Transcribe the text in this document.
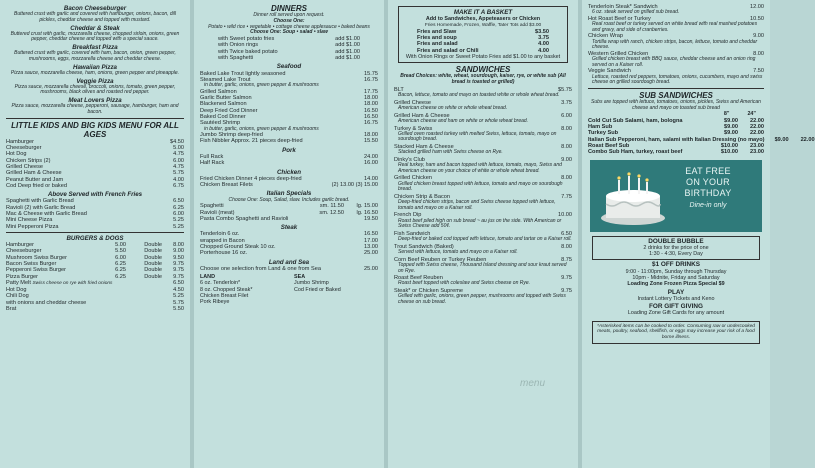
Bacon Cheeseburger
Buttered crust with garlic and covered with hamburger, onions, bacon, dill pickles, cheddar cheese and topped with mustard.
Cheddar & Steak
Buttered crust with garlic, mozzarella cheese, chopped sirloin, onions, green pepper, cheddar cheese and topped with a special sauce.
Breakfast Pizza
Buttered crust with garlic, covered with ham, bacon, onion, green pepper, mushrooms, eggs, mozzarella cheese and cheddar cheese.
Hawaiian Pizza
Pizza sauce, mozzarella cheese, ham, onions, green pepper and pineapple.
Veggie Pizza
Pizza sauce, mozzarella cheese, broccoli, onions, tomato, green pepper, mushrooms, black olives and roasted red pepper.
Meat Lovers Pizza
Pizza sauce, mozzarella cheese, pepperoni, sausage, hamburger, ham and bacon.
LITTLE KIDS AND BIG KIDS MENU FOR ALL AGES
Hamburger	$4.50
Cheeseburger	5.00
Hot Dog	4.75
Chicken Strips (2)	6.00
Grilled Cheese	4.75
Grilled Ham & Cheese	5.75
Peanut Butter and Jam	4.00
Cod Deep fried or baked	6.75
Above Served with French Fries
Spaghetti with Garlic Bread	6.50
Ravioli (2) with Garlic Bread	6.25
Mac & Cheese with Garlic Bread	6.00
Mini Cheese Pizza	5.25
Mini Pepperoni Pizza	5.25
BURGERS & DOGS
Hamburger	5.00	Double	8.00
Cheeseburger	5.50	Double	9.00
Mushroom Swiss Burger	6.00	Double	9.50
Bacon Swiss Burger	6.25	Double	9.75
Pepperoni Swiss Burger	6.25	Double	9.75
Pizza Burger	6.25	Double	9.75
Patty Melt Swiss cheese on rye with fried onions	6.50
Hot Dog	4.50
Chili Dog	5.25
with onions and cheddar cheese	5.75
Brat	5.50
DINNERS
Dinner roll served upon request.
Choose One:
Potato • wild rice • vegetable • cottage cheese applesauce • baked beans
Choose One: Soup • salad • slaw
with Sweet potato fries	add $1.00
with Onion rings	add $1.00
with Twice baked potato	add $1.00
with Spaghetti	add $1.00
Seafood
Baked Lake Trout lightly seasoned	15.75
Steamed Lake Trout	16.75
in butter, garlic, onions, green pepper & mushrooms
Grilled Salmon	17.75
Garlic Butter Salmon	18.00
Blackened Salmon	18.00
Deep Fried Cod Dinner	16.50
Baked Cod Dinner	16.50
Sautéed Shrimp	16.75
in butter, garlic, onions, green pepper & mushrooms
Jumbo Shrimp deep-fried	18.00
Fish Nibbler Approx. 21 pieces deep-fried	15.50
Pork
Full Rack	24.00
Half Rack	16.00
Chicken
Fried Chicken Dinner 4 pieces deep-fried	14.00
Chicken Breast Filets	(2) 13.00 (3) 15.00
Italian Specials
Choose One: Soup, Salad, slaw. Includes garlic bread.
Spaghetti	sm. 11.50	lg. 15.00
Ravioli (meat)	sm. 12.50	lg. 16.50
Pasta Combo Spaghetti and Ravioli	19.50
Steak
Tenderloin 6 oz.	16.50
wrapped in Bacon	17.00
Chopped Ground Steak 10 oz.	13.00
Porterhouse 16 oz.	25.00
Land and Sea
Choose one selection from Land & one from Sea	25.00
LAND
6 oz. Tenderloin*
8 oz. Chopped Steak*
Chicken Breast Filet
Pork Ribeye
SEA
Jumbo Shrimp
Cod Fried or Baked
MAKE IT A BASKET
Add to Sandwiches, Appeteasers or Chicken
Fries Homemade, Frozen, Waffle, Tater Tots add $3.00
Fries and Slaw	$3.50
Fries and soup	3.75
Fries and salad	4.00
Fries and salad or Chili	4.00
With Onion Rings or Sweet Potato Fries add $1.00 to any basket
SANDWICHES
Bread Choices: white, wheat, sourdough, kaiser, rye, or white sub (All bread is toasted or grilled)
BLT	$5.75
Bacon, lettuce, tomato and mayo on toasted white or whole wheat bread.
Grilled Cheese	3.75
American cheese on white or whole wheat bread.
Grilled Ham & Cheese	6.00
American cheese and ham on white or whole wheat bread.
Turkey & Swiss	8.00
Grilled oven roasted turkey with melted Swiss, lettuce, tomato, mayo on sourdough bread.
Stacked Ham & Cheese	8.00
Stacked grilled ham with Swiss cheese on Rye.
Dinky's Club	9.00
Real turkey, ham and bacon topped with lettuce, tomato, mayo, Swiss and American cheese on your choice of white or whole wheat bread.
Grilled Chicken	8.00
Grilled chicken breast topped with lettuce, tomato and mayo on sourdough bread.
Chicken Strip & Bacon	7.75
Deep-fried chicken strips, bacon and Swiss cheese topped with lettuce, tomato and mayo on a Kaiser roll.
French Dip	10.00
Roast beef piled high on sub bread ~ au jus on the side. With American or Swiss Cheese add 50¢.
Fish Sandwich	6.50
Deep-fried or baked cod topped with lettuce, tomato and tartar on a Kaiser roll.
Trout Sandwich (Baked)	8.00
Served with lettuce, tomato and mayo on a Kaiser roll.
Corn Beef Reuben or Turkey Reuben	8.75
Topped with Swiss cheese, Thousand Island dressing and sour kraut served on Rye.
Roast Beef Reuben	9.75
Roast beef topped with coleslaw and Swiss cheese on Rye.
Steak* or Chicken Supreme	9.75
Grilled with garlic, onions, green pepper, mushrooms and topped with Swiss cheese on sub bread.
Tenderloin Steak* Sandwich	12.00
6 oz. steak served on grilled sub bread.
Hot Roast Beef or Turkey	10.50
Real roast beef or turkey served on white bread with real mashed potatoes and gravy, and side of cranberries.
Chicken Wrap	9.00
Tortilla wrap with ranch, chicken strips, bacon, lettuce, tomato and cheddar cheese.
Western Grilled Chicken	8.00
Grilled chicken breast with BBQ sauce, cheddar cheese and an onion ring served on a Kaiser roll.
Veggie Sandwich	7.50
Lettuce, roasted red peppers, tomatoes, onions, cucumbers, mayo and swiss cheese on grilled sourdough bread.
SUB SANDWICHES
Subs are topped with lettuce, tomatoes, onions, pickles, Swiss and American cheese and mayo on toasted sub bread
8"	24"
Cold Cut Sub Salami, ham, bologna	$9.00	22.00
Ham Sub	$9.00	22.00
Turkey Sub	$9.00	22.00
Italian Sub Pepperoni, ham, salami with Italian Dressing (no mayo)	$9.00	22.00
Roast Beef Sub	$10.00	23.00
Combo Sub Ham, turkey, roast beef	$10.00	23.00
EAT FREE
ON YOUR
BIRTHDAY
Dine-in only
DOUBLE BUBBLE
2 drinks for the price of one
1:30 - 4:30, Every Day
$1 OFF DRINKS
9:00 - 11:00pm, Sunday through Thursday
10pm - Midnite, Friday and Saturday
Loading Zone Frozen Pizza Special $9
PLAY
Instant Lottery Tickets and Keno
FOR GIFT GIVING
Loading Zone Gift Cards for any amount
*Asterisked items can be cooked to order. Consuming raw or undercooked meats, poultry, seafood, shellfish, or eggs may increase your risk of a food borne illness.
menu
